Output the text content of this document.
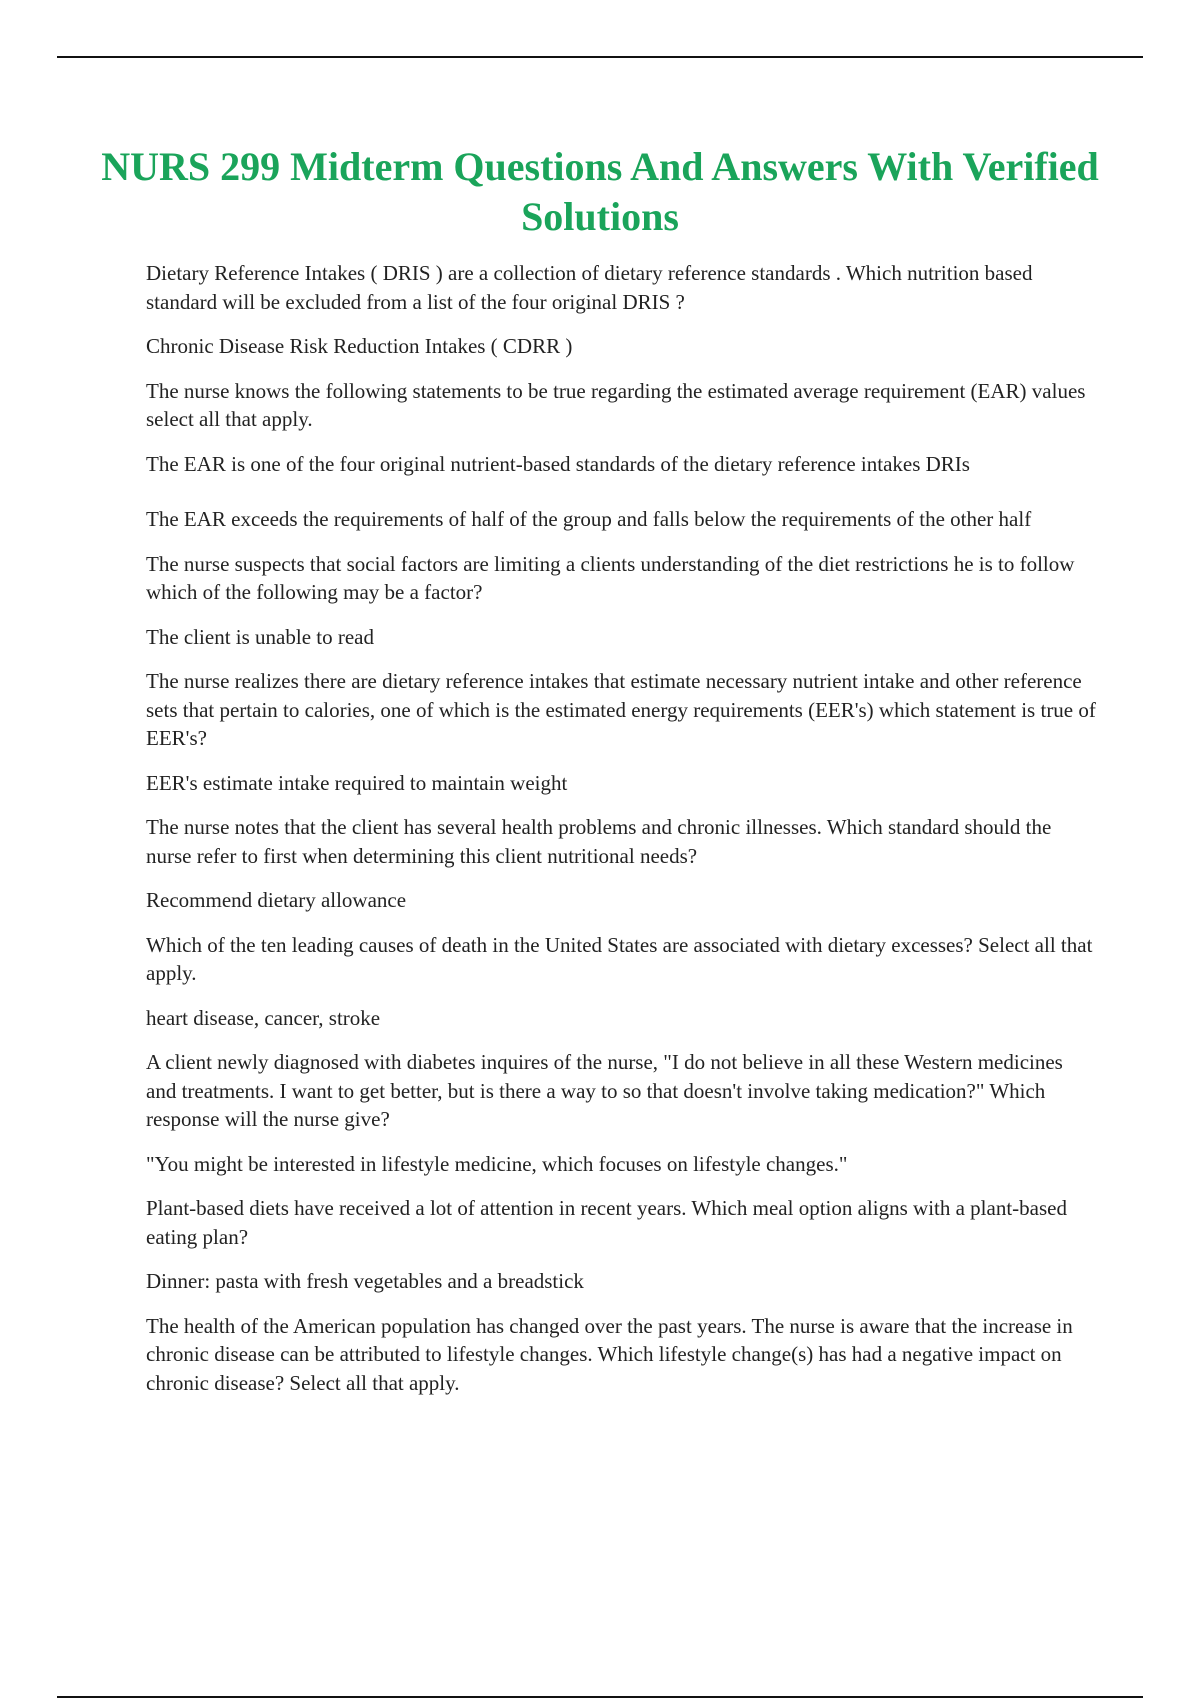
NURS 299 Midterm Questions And Answers With Verified Solutions

Dietary Reference Intakes ( DRIS ) are a collection of dietary reference standards . Which nutrition based standard will be excluded from a list of the four original DRIS ?

Chronic Disease Risk Reduction Intakes ( CDRR )

The nurse knows the following statements to be true regarding the estimated average requirement (EAR) values select all that apply.

The EAR is one of the four original nutrient-based standards of the dietary reference intakes DRIs

The EAR exceeds the requirements of half of the group and falls below the requirements of the other half

The nurse suspects that social factors are limiting a clients understanding of the diet restrictions he is to follow which of the following may be a factor?

The client is unable to read

The nurse realizes there are dietary reference intakes that estimate necessary nutrient intake and other reference sets that pertain to calories, one of which is the estimated energy requirements (EER's) which statement is true of EER's?

EER's estimate intake required to maintain weight

The nurse notes that the client has several health problems and chronic illnesses. Which standard should the nurse refer to first when determining this client nutritional needs?

Recommend dietary allowance

Which of the ten leading causes of death in the United States are associated with dietary excesses? Select all that apply.

heart disease, cancer, stroke

A client newly diagnosed with diabetes inquires of the nurse, "I do not believe in all these Western medicines and treatments. I want to get better, but is there a way to so that doesn't involve taking medication?" Which response will the nurse give?

"You might be interested in lifestyle medicine, which focuses on lifestyle changes."

Plant-based diets have received a lot of attention in recent years. Which meal option aligns with a plant-based eating plan?

Dinner: pasta with fresh vegetables and a breadstick

The health of the American population has changed over the past years. The nurse is aware that the increase in chronic disease can be attributed to lifestyle changes. Which lifestyle change(s) has had a negative impact on chronic disease? Select all that apply.
